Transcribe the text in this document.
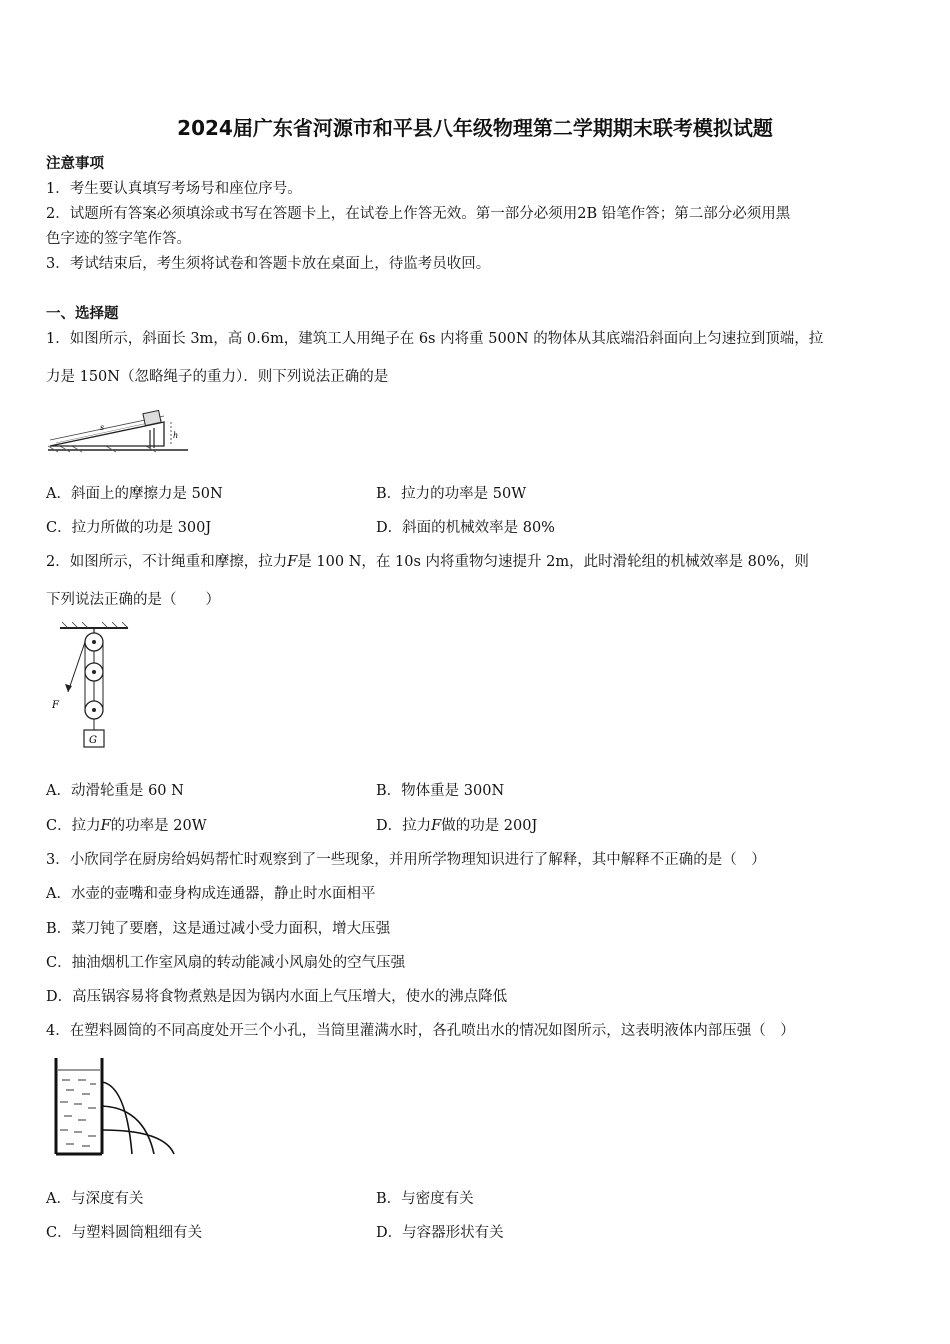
2024届广东省河源市和平县八年级物理第二学期期末联考模拟试题
注意事项
1．考生要认真填写考场号和座位序号。
2．试题所有答案必须填涂或书写在答题卡上，在试卷上作答无效。第一部分必须用2B 铅笔作答；第二部分必须用黑
色字迹的签字笔作答。
3．考试结束后，考生须将试卷和答题卡放在桌面上，待监考员收回。
一、选择题
1．如图所示，斜面长 3m，高 0.6m，建筑工人用绳子在 6s 内将重 500N 的物体从其底端沿斜面向上匀速拉到顶端，拉
力是 150N（忽略绳子的重力）．则下列说法正确的是
h
s
A．斜面上的摩擦力是 50N	B．拉力的功率是 50W
C．拉力所做的功是 300J	D．斜面的机械效率是 80%
2．如图所示，不计绳重和摩擦，拉力F是 100 N，在 10s 内将重物匀速提升 2m，此时滑轮组的机械效率是 80%，则
下列说法正确的是（　　）
F
G
A．动滑轮重是 60 N	B．物体重是 300N
C．拉力F的功率是 20W	D．拉力F做的功是 200J
3．小欣同学在厨房给妈妈帮忙时观察到了一些现象，并用所学物理知识进行了解释，其中解释不正确的是（　）
A．水壶的壶嘴和壶身构成连通器，静止时水面相平
B．菜刀钝了要磨，这是通过减小受力面积，增大压强
C．抽油烟机工作室风扇的转动能减小风扇处的空气压强
D．高压锅容易将食物煮熟是因为锅内水面上气压增大，使水的沸点降低
4．在塑料圆筒的不同高度处开三个小孔，当筒里灌满水时，各孔喷出水的情况如图所示，这表明液体内部压强（　）
A．与深度有关	B．与密度有关
C．与塑料圆筒粗细有关	D．与容器形状有关
